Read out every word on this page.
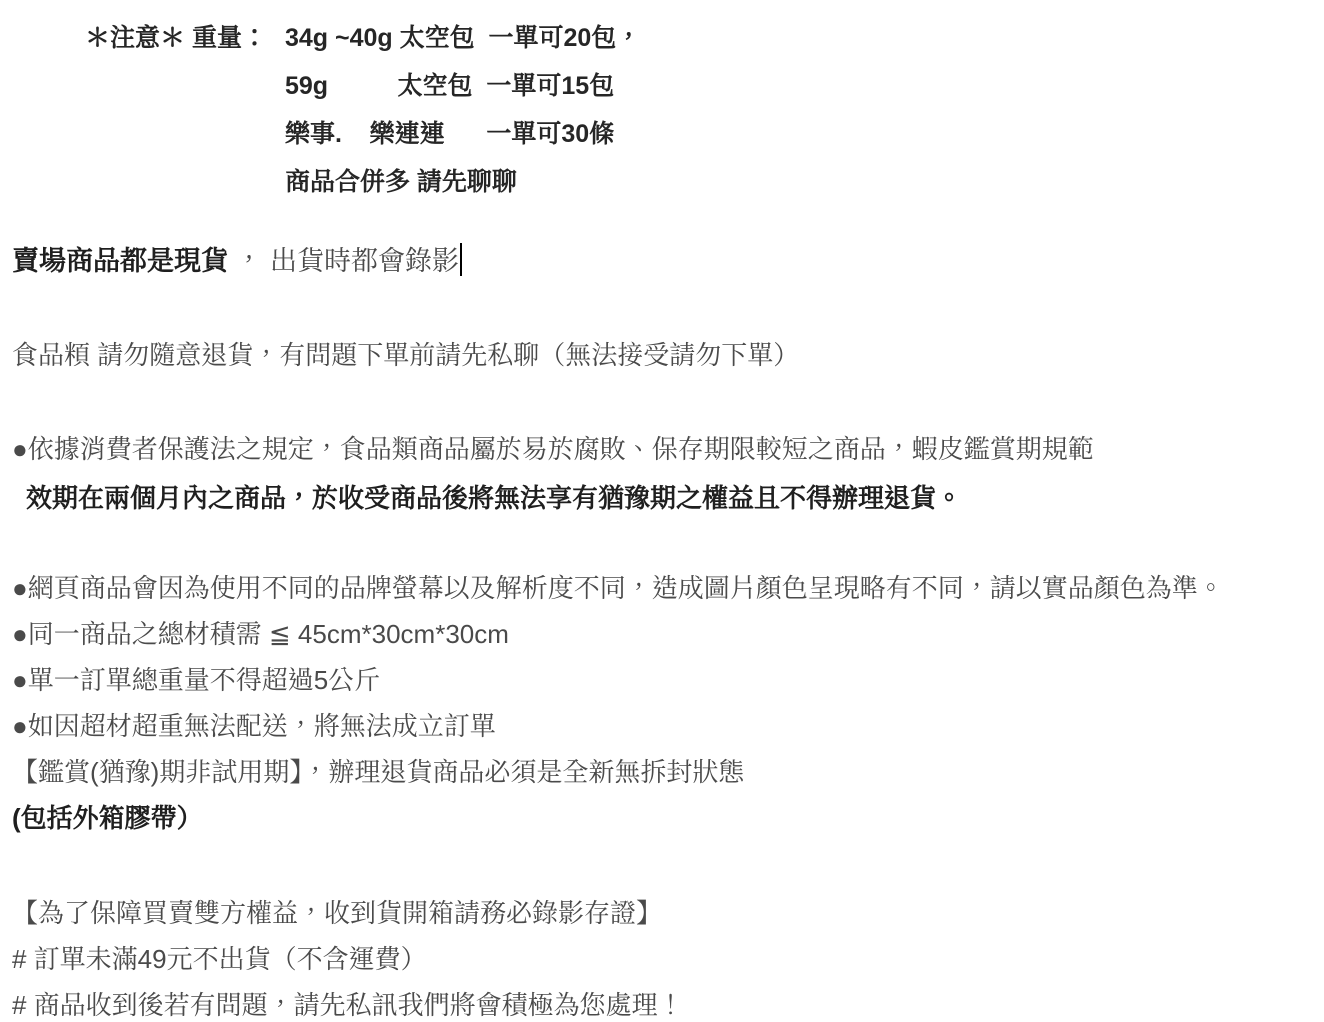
＊注意＊ 重量： 34g ~40g 太空包  一單可20包，
59g          太空包  一單可15包
樂事.    樂連連      一單可30條
商品合併多 請先聊聊
賣場商品都是現貨 ， 出貨時都會錄影
食品頪 請勿隨意退貨，有問題下單前請先私聊（無法接受請勿下單）
●依據消費者保護法之規定，食品類商品屬於易於腐敗、保存期限較短之商品，蝦皮鑑賞期規範
效期在兩個月內之商品，於收受商品後將無法享有猶豫期之權益且不得辦理退貨。
●網頁商品會因為使用不同的品牌螢幕以及解析度不同，造成圖片顏色呈現略有不同，請以實品顏色為準。
●同一商品之總材積需 ≦ 45cm*30cm*30cm
●單一訂單總重量不得超過5公斤
●如因超材超重無法配送，將無法成立訂單
【鑑賞(猶豫)期非試用期】，辦理退貨商品必須是全新無拆封狀態
(包括外箱膠帶）
【為了保障買賣雙方權益，收到貨開箱請務必錄影存證】
# 訂單未滿49元不出貨（不含運費）
# 商品收到後若有問題，請先私訊我們將會積極為您處理！
